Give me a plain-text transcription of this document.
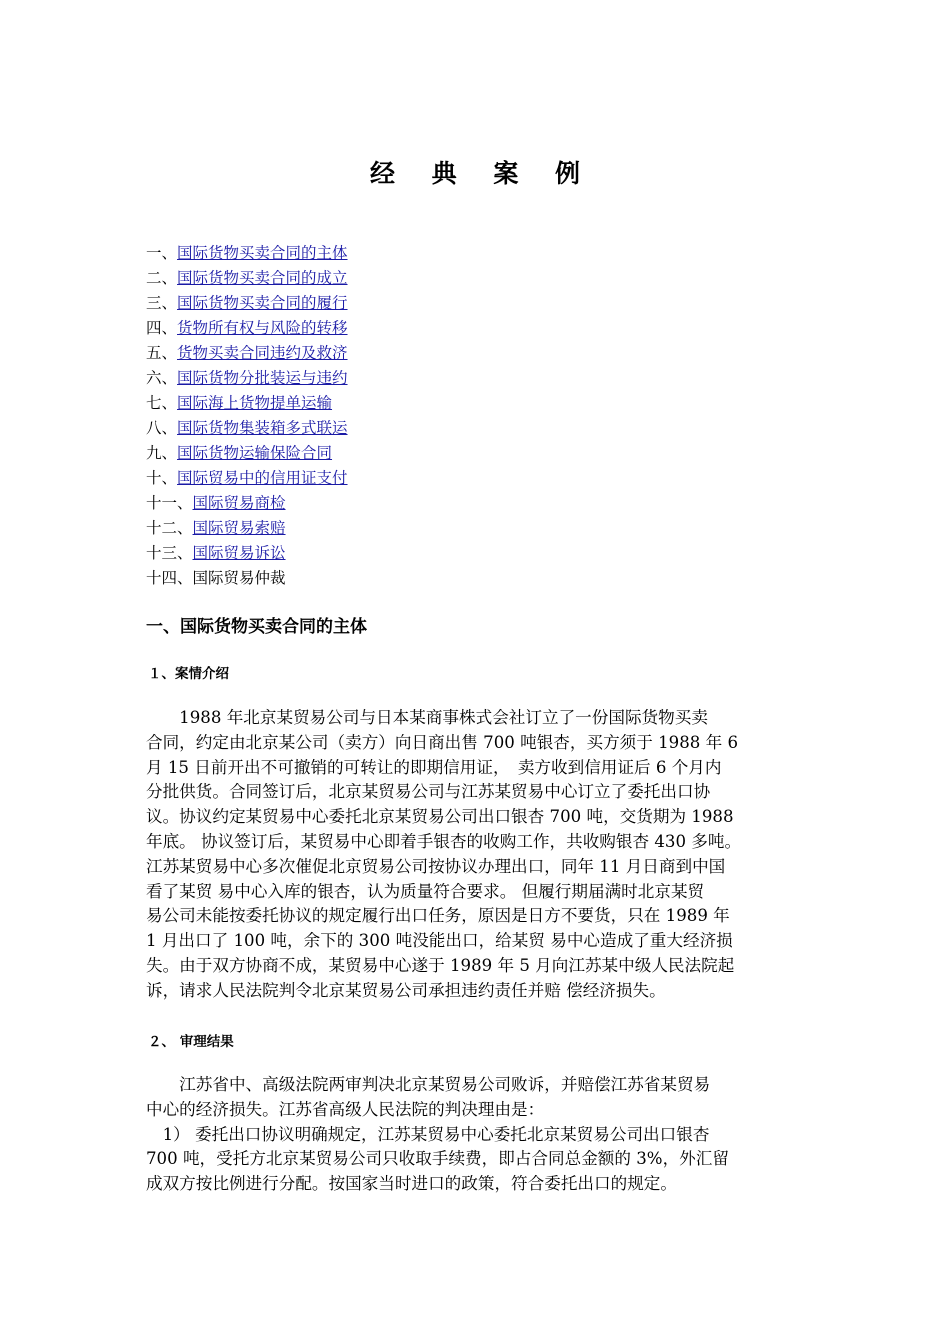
经 典 案 例
一、国际货物买卖合同的主体
二、国际货物买卖合同的成立
三、国际货物买卖合同的履行
四、货物所有权与风险的转移
五、货物买卖合同违约及救济
六、国际货物分批装运与违约
七、国际海上货物提单运输
八、国际货物集装箱多式联运
九、国际货物运输保险合同
十、国际贸易中的信用证支付
十一、国际贸易商检
十二、国际贸易索赔
十三、国际贸易诉讼
十四、国际贸易仲裁
一、国际货物买卖合同的主体
１、案情介绍
　　1988 年北京某贸易公司与日本某商事株式会社订立了一份国际货物买卖
合同，约定由北京某公司（卖方）向日商出售 700 吨银杏，买方须于 1988 年 6
月 15 日前开出不可撤销的可转让的即期信用证，　卖方收到信用证后 6 个月内
分批供货。合同签订后，北京某贸易公司与江苏某贸易中心订立了委托出口协
议。协议约定某贸易中心委托北京某贸易公司出口银杏 700 吨，交货期为 1988
年底。 协议签订后，某贸易中心即着手银杏的收购工作，共收购银杏 430 多吨。
江苏某贸易中心多次催促北京贸易公司按协议办理出口，同年 11 月日商到中国
看了某贸 易中心入库的银杏，认为质量符合要求。 但履行期届满时北京某贸
易公司未能按委托协议的规定履行出口任务，原因是日方不要货，只在 1989 年
1 月出口了 100 吨，余下的 300 吨没能出口，给某贸 易中心造成了重大经济损
失。由于双方协商不成，某贸易中心遂于 1989 年 5 月向江苏某中级人民法院起
诉，请求人民法院判令北京某贸易公司承担违约责任并赔 偿经济损失。
２、 审理结果
　　江苏省中、高级法院两审判决北京某贸易公司败诉，并赔偿江苏省某贸易
中心的经济损失。江苏省高级人民法院的判决理由是：
　1） 委托出口协议明确规定，江苏某贸易中心委托北京某贸易公司出口银杏
700 吨，受托方北京某贸易公司只收取手续费，即占合同总金额的 3%，外汇留
成双方按比例进行分配。按国家当时进口的政策，符合委托出口的规定。
